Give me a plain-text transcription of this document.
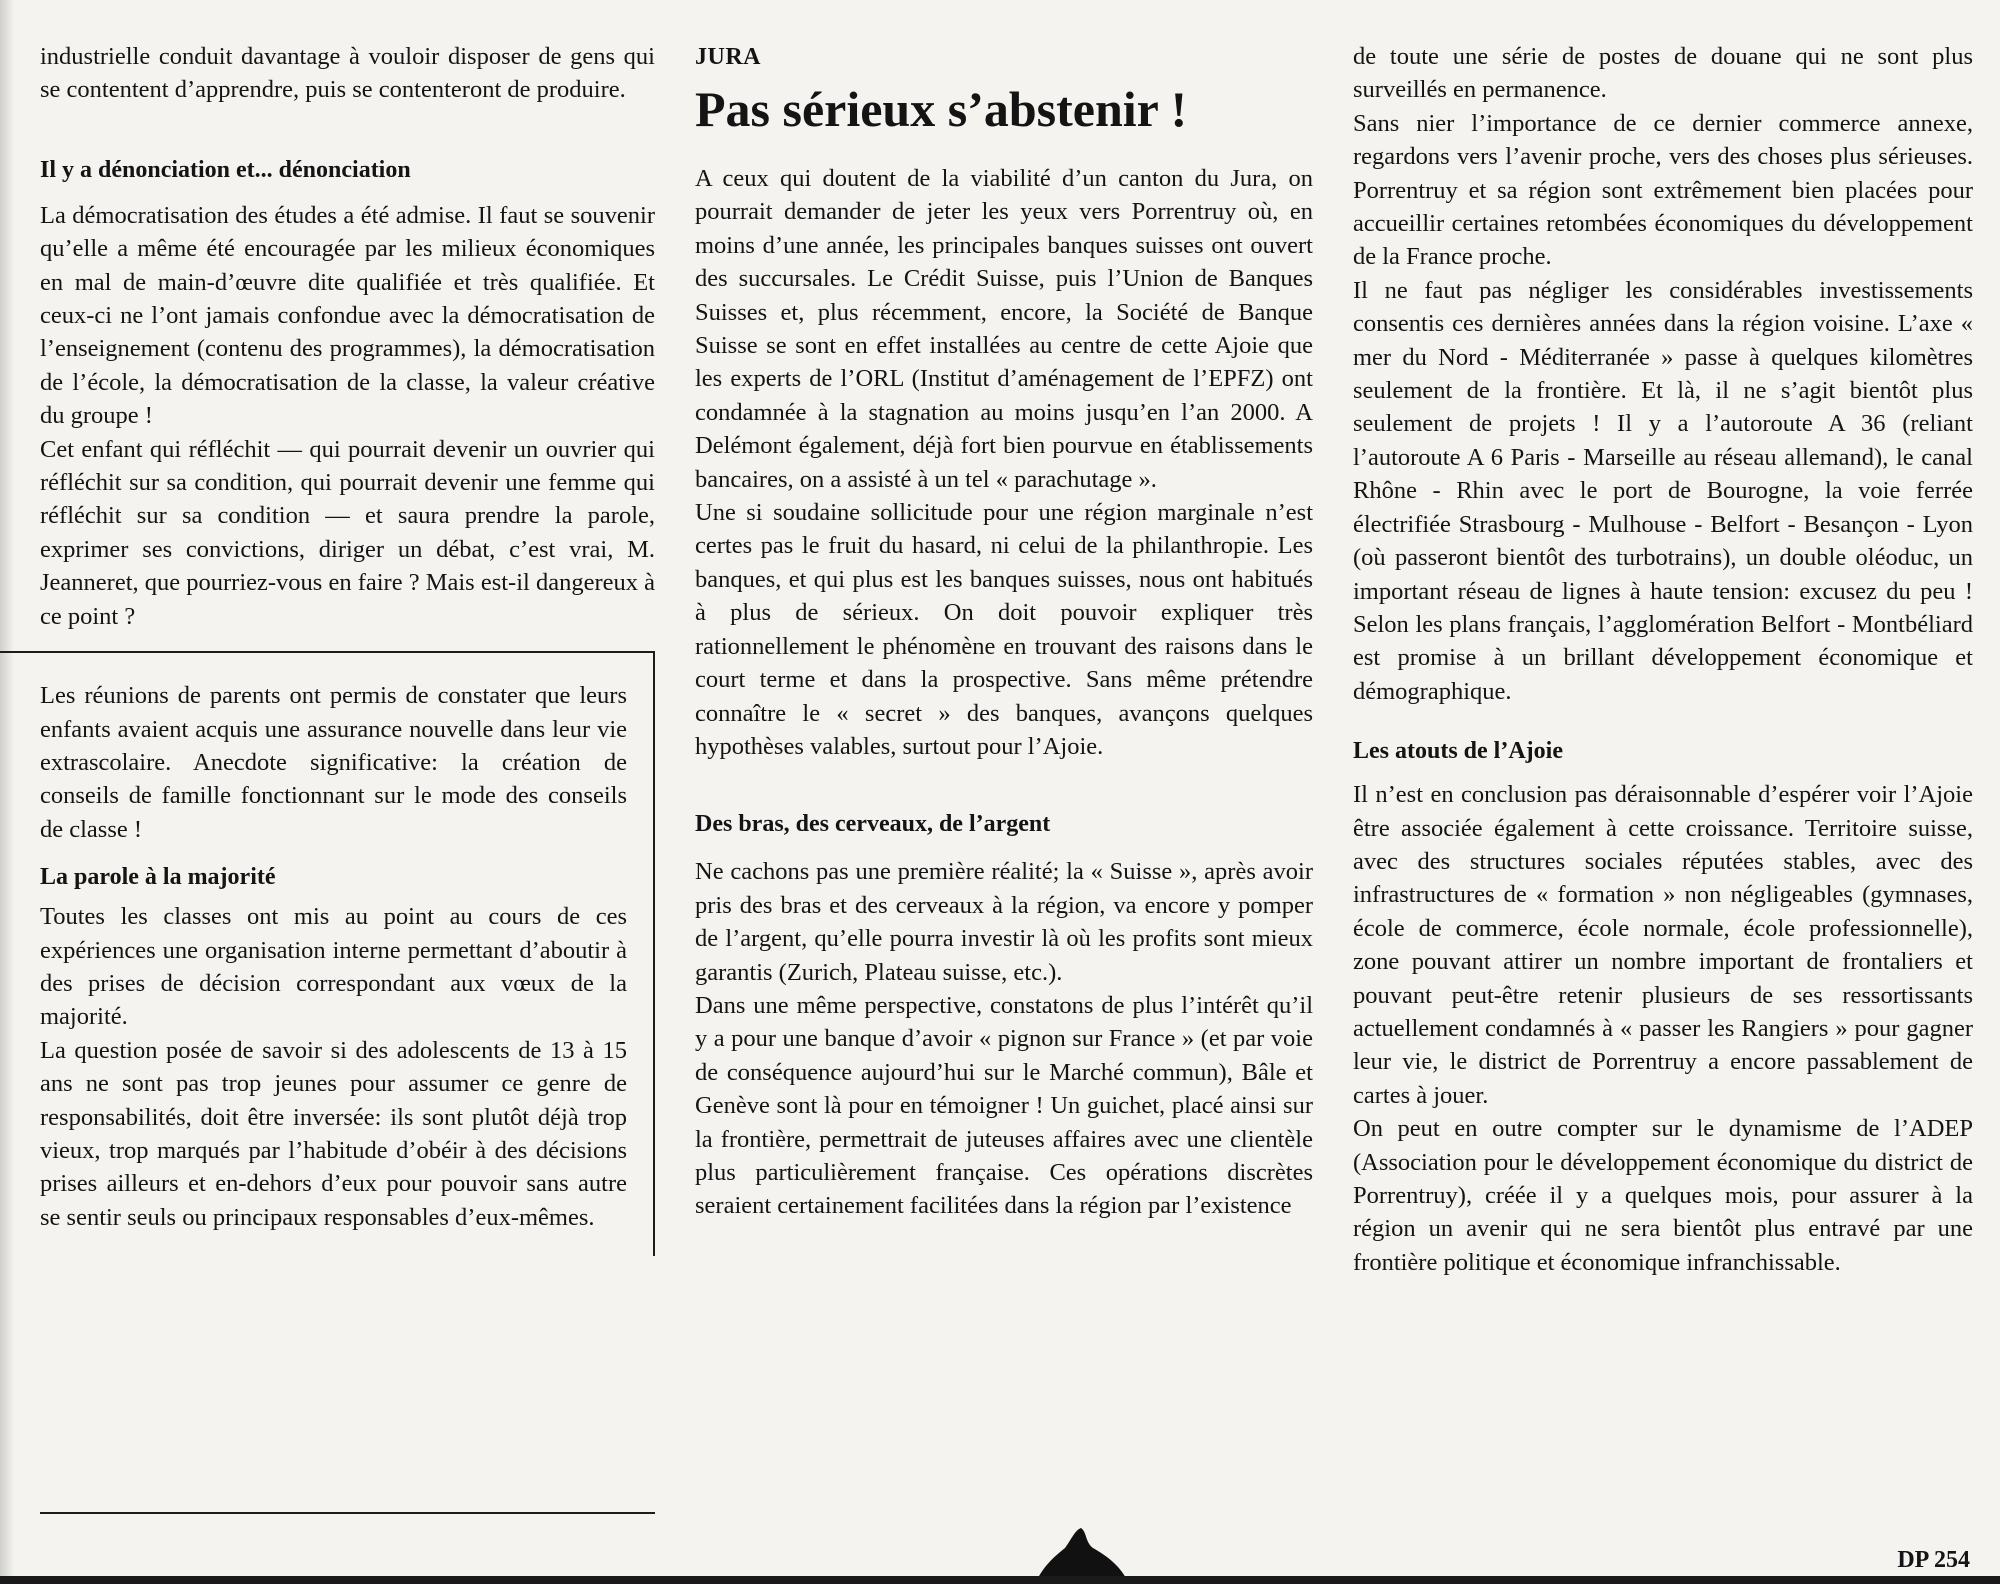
industrielle conduit davantage à vouloir disposer de gens qui se contentent d’apprendre, puis se contenteront de produire.

Il y a dénonciation et... dénonciation

La démocratisation des études a été admise. Il faut se souvenir qu’elle a même été encouragée par les milieux économiques en mal de main-d’œuvre dite qualifiée et très qualifiée. Et ceux-ci ne l’ont jamais confondue avec la démocratisation de l’enseignement (contenu des programmes), la démocratisation de l’école, la démocratisation de la classe, la valeur créative du groupe !

Cet enfant qui réfléchit — qui pourrait devenir un ouvrier qui réfléchit sur sa condition, qui pourrait devenir une femme qui réfléchit sur sa condition — et saura prendre la parole, exprimer ses convictions, diriger un débat, c’est vrai, M. Jeanneret, que pourriez-vous en faire ? Mais est-il dangereux à ce point ?

Les réunions de parents ont permis de constater que leurs enfants avaient acquis une assurance nouvelle dans leur vie extrascolaire. Anecdote significative: la création de conseils de famille fonctionnant sur le mode des conseils de classe !

La parole à la majorité

Toutes les classes ont mis au point au cours de ces expériences une organisation interne permettant d’aboutir à des prises de décision correspondant aux vœux de la majorité.

La question posée de savoir si des adolescents de 13 à 15 ans ne sont pas trop jeunes pour assumer ce genre de responsabilités, doit être inversée: ils sont plutôt déjà trop vieux, trop marqués par l’habitude d’obéir à des décisions prises ailleurs et en-dehors d’eux pour pouvoir sans autre se sentir seuls ou principaux responsables d’eux-mêmes.

JURA
Pas sérieux s’abstenir !

A ceux qui doutent de la viabilité d’un canton du Jura, on pourrait demander de jeter les yeux vers Porrentruy où, en moins d’une année, les principales banques suisses ont ouvert des succursales. Le Crédit Suisse, puis l’Union de Banques Suisses et, plus récemment, encore, la Société de Banque Suisse se sont en effet installées au centre de cette Ajoie que les experts de l’ORL (Institut d’aménagement de l’EPFZ) ont condamnée à la stagnation au moins jusqu’en l’an 2000. A Delémont également, déjà fort bien pourvue en établissements bancaires, on a assisté à un tel « parachutage ».

Une si soudaine sollicitude pour une région marginale n’est certes pas le fruit du hasard, ni celui de la philanthropie. Les banques, et qui plus est les banques suisses, nous ont habitués à plus de sérieux. On doit pouvoir expliquer très rationnellement le phénomène en trouvant des raisons dans le court terme et dans la prospective. Sans même prétendre connaître le « secret » des banques, avançons quelques hypothèses valables, surtout pour l’Ajoie.

Des bras, des cerveaux, de l’argent

Ne cachons pas une première réalité; la « Suisse », après avoir pris des bras et des cerveaux à la région, va encore y pomper de l’argent, qu’elle pourra investir là où les profits sont mieux garantis (Zurich, Plateau suisse, etc.).

Dans une même perspective, constatons de plus l’intérêt qu’il y a pour une banque d’avoir « pignon sur France » (et par voie de conséquence aujourd’hui sur le Marché commun), Bâle et Genève sont là pour en témoigner ! Un guichet, placé ainsi sur la frontière, permettrait de juteuses affaires avec une clientèle plus particulièrement française. Ces opérations discrètes seraient certainement facilitées dans la région par l’existence

de toute une série de postes de douane qui ne sont plus surveillés en permanence.

Sans nier l’importance de ce dernier commerce annexe, regardons vers l’avenir proche, vers des choses plus sérieuses. Porrentruy et sa région sont extrêmement bien placées pour accueillir certaines retombées économiques du développement de la France proche.

Il ne faut pas négliger les considérables investissements consentis ces dernières années dans la région voisine. L’axe « mer du Nord - Méditerranée » passe à quelques kilomètres seulement de la frontière. Et là, il ne s’agit bientôt plus seulement de projets ! Il y a l’autoroute A 36 (reliant l’autoroute A 6 Paris - Marseille au réseau allemand), le canal Rhône - Rhin avec le port de Bourogne, la voie ferrée électrifiée Strasbourg - Mulhouse - Belfort - Besançon - Lyon (où passeront bientôt des turbotrains), un double oléoduc, un important réseau de lignes à haute tension: excusez du peu ! Selon les plans français, l’agglomération Belfort - Montbéliard est promise à un brillant développement économique et démographique.

Les atouts de l’Ajoie

Il n’est en conclusion pas déraisonnable d’espérer voir l’Ajoie être associée également à cette croissance. Territoire suisse, avec des structures sociales réputées stables, avec des infrastructures de « formation » non négligeables (gymnases, école de commerce, école normale, école professionnelle), zone pouvant attirer un nombre important de frontaliers et pouvant peut-être retenir plusieurs de ses ressortissants actuellement condamnés à « passer les Rangiers » pour gagner leur vie, le district de Porrentruy a encore passablement de cartes à jouer.

On peut en outre compter sur le dynamisme de l’ADEP (Association pour le développement économique du district de Porrentruy), créée il y a quelques mois, pour assurer à la région un avenir qui ne sera bientôt plus entravé par une frontière politique et économique infranchissable.

DP 254
